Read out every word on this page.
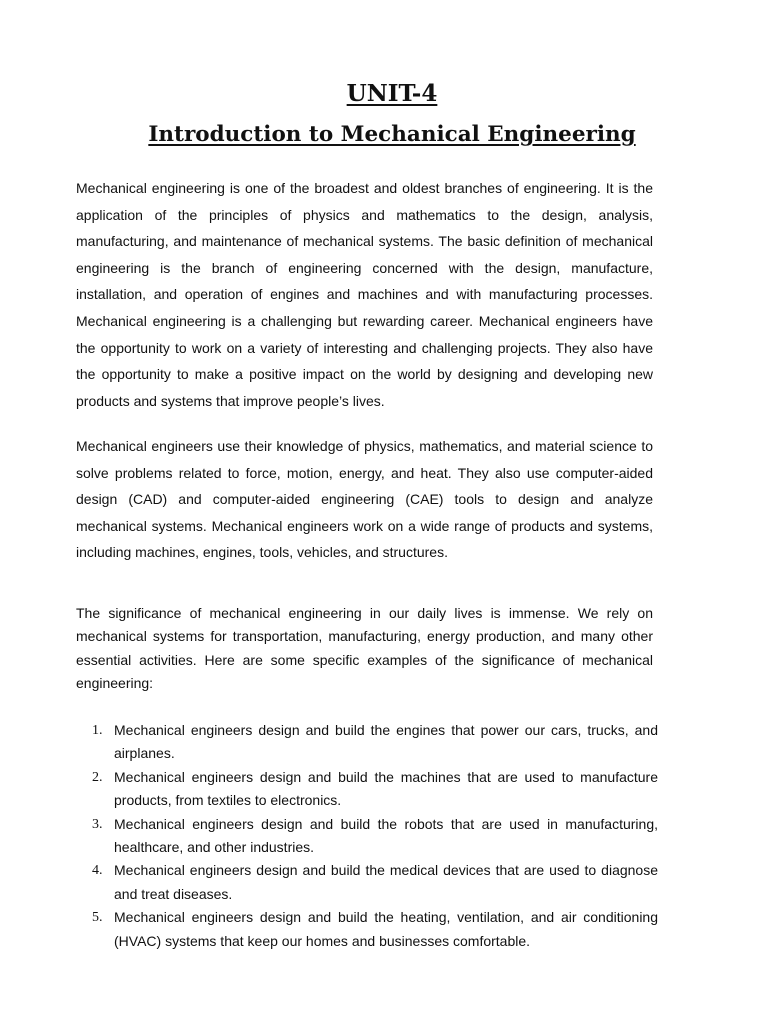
UNIT-4
Introduction to Mechanical Engineering

Mechanical engineering is one of the broadest and oldest branches of engineering. It is the application of the principles of physics and mathematics to the design, analysis, manufacturing, and maintenance of mechanical systems. The basic definition of mechanical engineering is the branch of engineering concerned with the design, manufacture, installation, and operation of engines and machines and with manufacturing processes. Mechanical engineering is a challenging but rewarding career. Mechanical engineers have the opportunity to work on a variety of interesting and challenging projects. They also have the opportunity to make a positive impact on the world by designing and developing new products and systems that improve people’s lives.

Mechanical engineers use their knowledge of physics, mathematics, and material science to solve problems related to force, motion, energy, and heat. They also use computer-aided design (CAD) and computer-aided engineering (CAE) tools to design and analyze mechanical systems. Mechanical engineers work on a wide range of products and systems, including machines, engines, tools, vehicles, and structures.

The significance of mechanical engineering in our daily lives is immense. We rely on mechanical systems for transportation, manufacturing, energy production, and many other essential activities. Here are some specific examples of the significance of mechanical engineering:

1. Mechanical engineers design and build the engines that power our cars, trucks, and airplanes.
2. Mechanical engineers design and build the machines that are used to manufacture products, from textiles to electronics.
3. Mechanical engineers design and build the robots that are used in manufacturing, healthcare, and other industries.
4. Mechanical engineers design and build the medical devices that are used to diagnose and treat diseases.
5. Mechanical engineers design and build the heating, ventilation, and air conditioning (HVAC) systems that keep our homes and businesses comfortable.
